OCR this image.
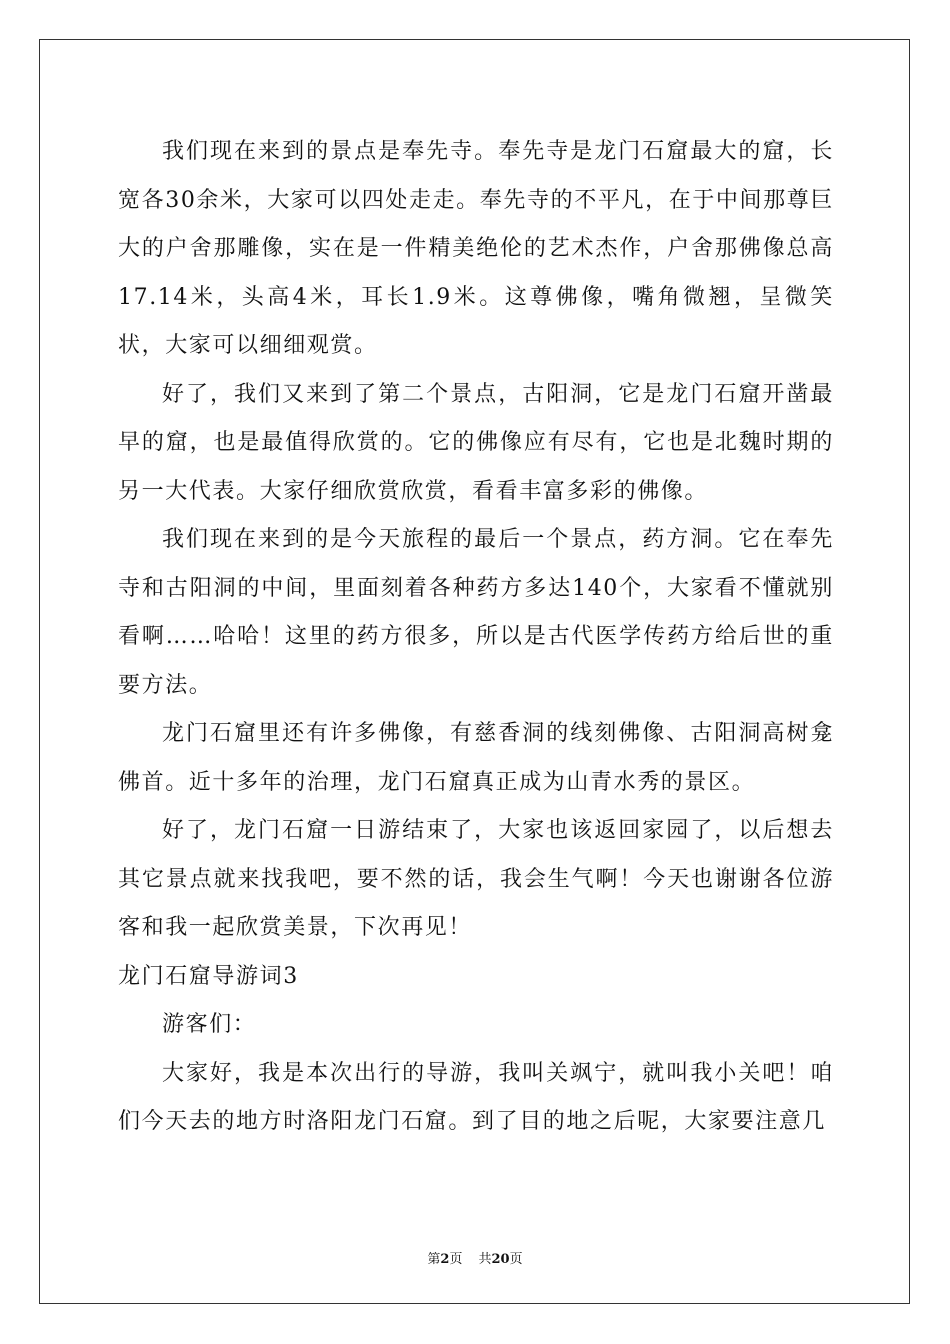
我们现在来到的景点是奉先寺。奉先寺是龙门石窟最大的窟，长宽各30余米，大家可以四处走走。奉先寺的不平凡，在于中间那尊巨大的户舍那雕像，实在是一件精美绝伦的艺术杰作，户舍那佛像总高17.14米，头高4米，耳长1.9米。这尊佛像，嘴角微翘，呈微笑状，大家可以细细观赏。

好了，我们又来到了第二个景点，古阳洞，它是龙门石窟开凿最早的窟，也是最值得欣赏的。它的佛像应有尽有，它也是北魏时期的另一大代表。大家仔细欣赏欣赏，看看丰富多彩的佛像。

我们现在来到的是今天旅程的最后一个景点，药方洞。它在奉先寺和古阳洞的中间，里面刻着各种药方多达140个，大家看不懂就别看啊……哈哈！这里的药方很多，所以是古代医学传药方给后世的重要方法。

龙门石窟里还有许多佛像，有慈香洞的线刻佛像、古阳洞高树龛佛首。近十多年的治理，龙门石窟真正成为山青水秀的景区。

好了，龙门石窟一日游结束了，大家也该返回家园了，以后想去其它景点就来找我吧，要不然的话，我会生气啊！今天也谢谢各位游客和我一起欣赏美景，下次再见！

龙门石窟导游词3

游客们：

大家好，我是本次出行的导游，我叫关飒宁，就叫我小关吧！咱们今天去的地方时洛阳龙门石窟。到了目的地之后呢，大家要注意几

第2页 共20页
